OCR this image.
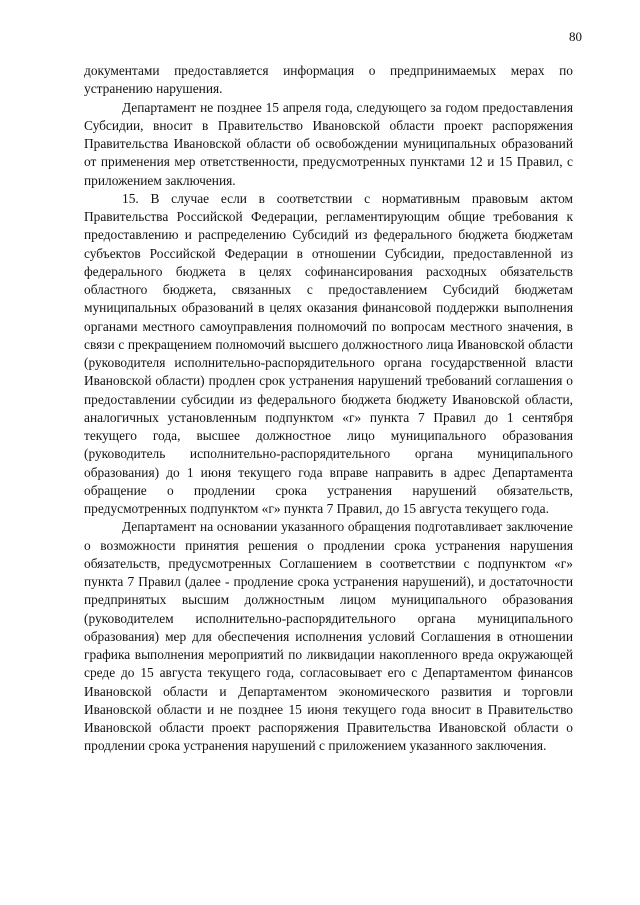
80

документами предоставляется информация о предпринимаемых мерах по устранению нарушения.

Департамент не позднее 15 апреля года, следующего за годом предоставления Субсидии, вносит в Правительство Ивановской области проект распоряжения Правительства Ивановской области об освобождении муниципальных образований от применения мер ответственности, предусмотренных пунктами 12 и 15 Правил, с приложением заключения.

15. В случае если в соответствии с нормативным правовым актом Правительства Российской Федерации, регламентирующим общие требования к предоставлению и распределению Субсидий из федерального бюджета бюджетам субъектов Российской Федерации в отношении Субсидии, предоставленной из федерального бюджета в целях софинансирования расходных обязательств областного бюджета, связанных с предоставлением Субсидий бюджетам муниципальных образований в целях оказания финансовой поддержки выполнения органами местного самоуправления полномочий по вопросам местного значения, в связи с прекращением полномочий высшего должностного лица Ивановской области (руководителя исполнительно-распорядительного органа государственной власти Ивановской области) продлен срок устранения нарушений требований соглашения о предоставлении субсидии из федерального бюджета бюджету Ивановской области, аналогичных установленным подпунктом «г» пункта 7 Правил до 1 сентября текущего года, высшее должностное лицо муниципального образования (руководитель исполнительно-распорядительного органа муниципального образования) до 1 июня текущего года вправе направить в адрес Департамента обращение о продлении срока устранения нарушений обязательств, предусмотренных подпунктом «г» пункта 7 Правил, до 15 августа текущего года.

Департамент на основании указанного обращения подготавливает заключение о возможности принятия решения о продлении срока устранения нарушения обязательств, предусмотренных Соглашением в соответствии с подпунктом «г» пункта 7 Правил (далее - продление срока устранения нарушений), и достаточности предпринятых высшим должностным лицом муниципального образования (руководителем исполнительно-распорядительного органа муниципального образования) мер для обеспечения исполнения условий Соглашения в отношении графика выполнения мероприятий по ликвидации накопленного вреда окружающей среде до 15 августа текущего года, согласовывает его с Департаментом финансов Ивановской области и Департаментом экономического развития и торговли Ивановской области и не позднее 15 июня текущего года вносит в Правительство Ивановской области проект распоряжения Правительства Ивановской области о продлении срока устранения нарушений с приложением указанного заключения.
